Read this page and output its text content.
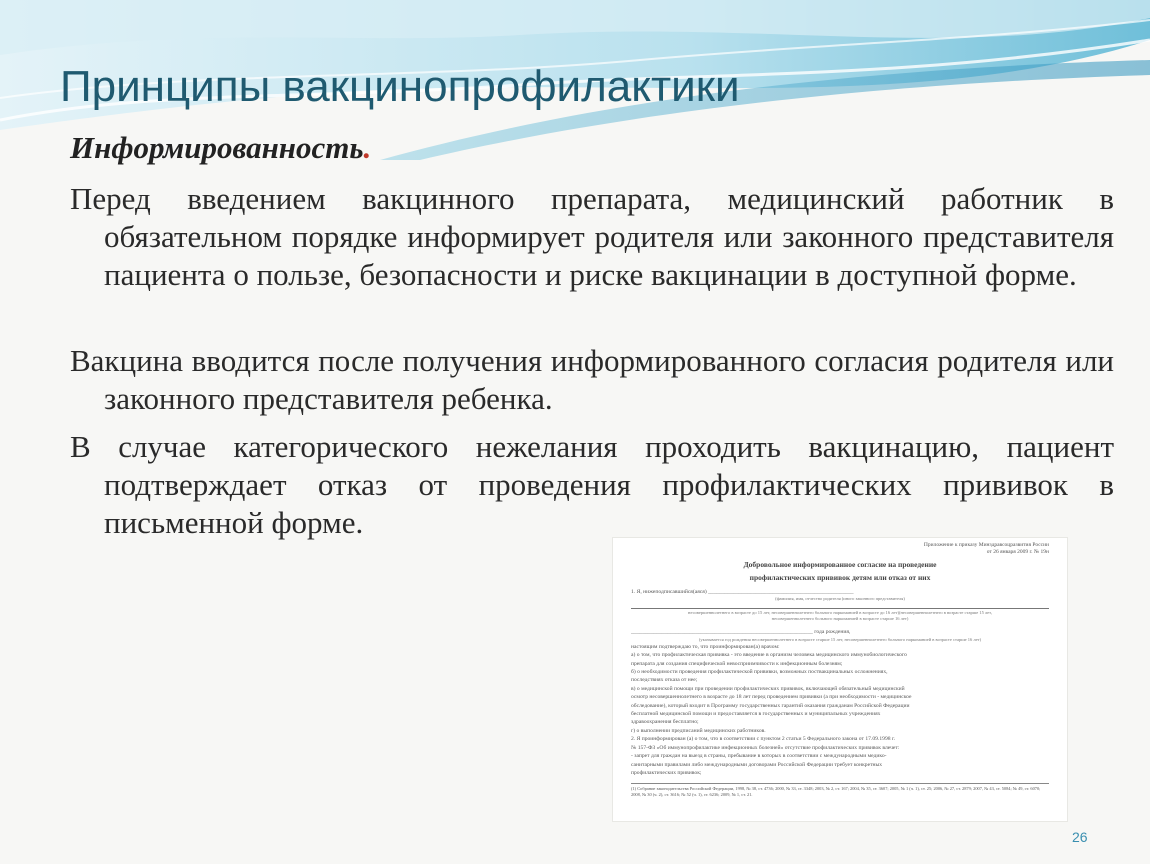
Принципы вакцинопрофилактики
Информированность.

Перед введением вакцинного препарата, медицинский работник в обязательном порядке информирует родителя или законного представителя пациента о пользе, безопасности и риске вакцинации в доступной форме.

Вакцина вводится после получения информированного согласия родителя или законного представителя ребенка.

В случае категорического нежелания проходить вакцинацию, пациент подтверждает отказ от проведения профилактических прививок в письменной форме.

Приложение к приказу Минздравсоцразвития России
от 26 января 2009 г. № 19н
Добровольное информированное согласие на проведение
профилактических прививок детям или отказ от них
1. Я, нижеподписавшийся(аяся) ____________________________________________________
(фамилия, имя, отчество родителя (иного законного представителя)
несовершеннолетнего в возрасте до 15 лет, несовершеннолетнего больного наркоманией в возрасте до 16 лет)(несовершеннолетнего в возрасте старше 15 лет,
несовершеннолетнего больного наркоманией в возрасте старше 16 лет)
_________________________________________________________________ года рождения,
(указывается год рождения несовершеннолетнего в возрасте старше 15 лет, несовершеннолетнего больного наркоманией в возрасте старше 16 лет)
настоящим подтверждаю то, что проинформирован(а) врачом:
а) о том, что профилактическая прививка - это введение в организм человека медицинского иммунобиологического
препарата для создания специфической невосприимчивости к инфекционным болезням;
б) о необходимости проведения профилактической прививки, возможных поствакцинальных осложнениях,
последствиях отказа от нее;
в) о медицинской помощи при проведении профилактических прививок, включающей обязательный медицинский
осмотр несовершеннолетнего в возрасте до 18 лет перед проведением прививки (а при необходимости - медицинское
обследование), который входит в Программу государственных гарантий оказания гражданам Российской Федерации
бесплатной медицинской помощи и предоставляется в государственных и муниципальных учреждениях
здравоохранения бесплатно;
г) о выполнении предписаний медицинских работников.
2. Я проинформирован (а) о том, что в соответствии с пунктом 2 статьи 5 Федерального закона от 17.09.1998 г.
№ 157-ФЗ «Об иммунопрофилактике инфекционных болезней» отсутствие профилактических прививок влечет:
- запрет для граждан на выезд в страны, пребывание в которых в соответствии с международными медико-
санитарными правилами либо международными договорами Российской Федерации требует конкретных
профилактических прививок;
(1) Собрание законодательства Российской Федерации, 1998, № 38, ст. 4736; 2000, № 33, ст. 3348; 2003, № 2, ст. 167; 2004, № 35, ст. 3607; 2005, № 1 (ч. 1), ст. 25; 2006, № 27, ст. 2879; 2007, № 43, ст. 5084; № 49, ст. 6070; 2008, № 30 (ч. 2), ст. 3616; № 52 (ч. 1), ст. 6236; 2009, № 1, ст. 21.
26
